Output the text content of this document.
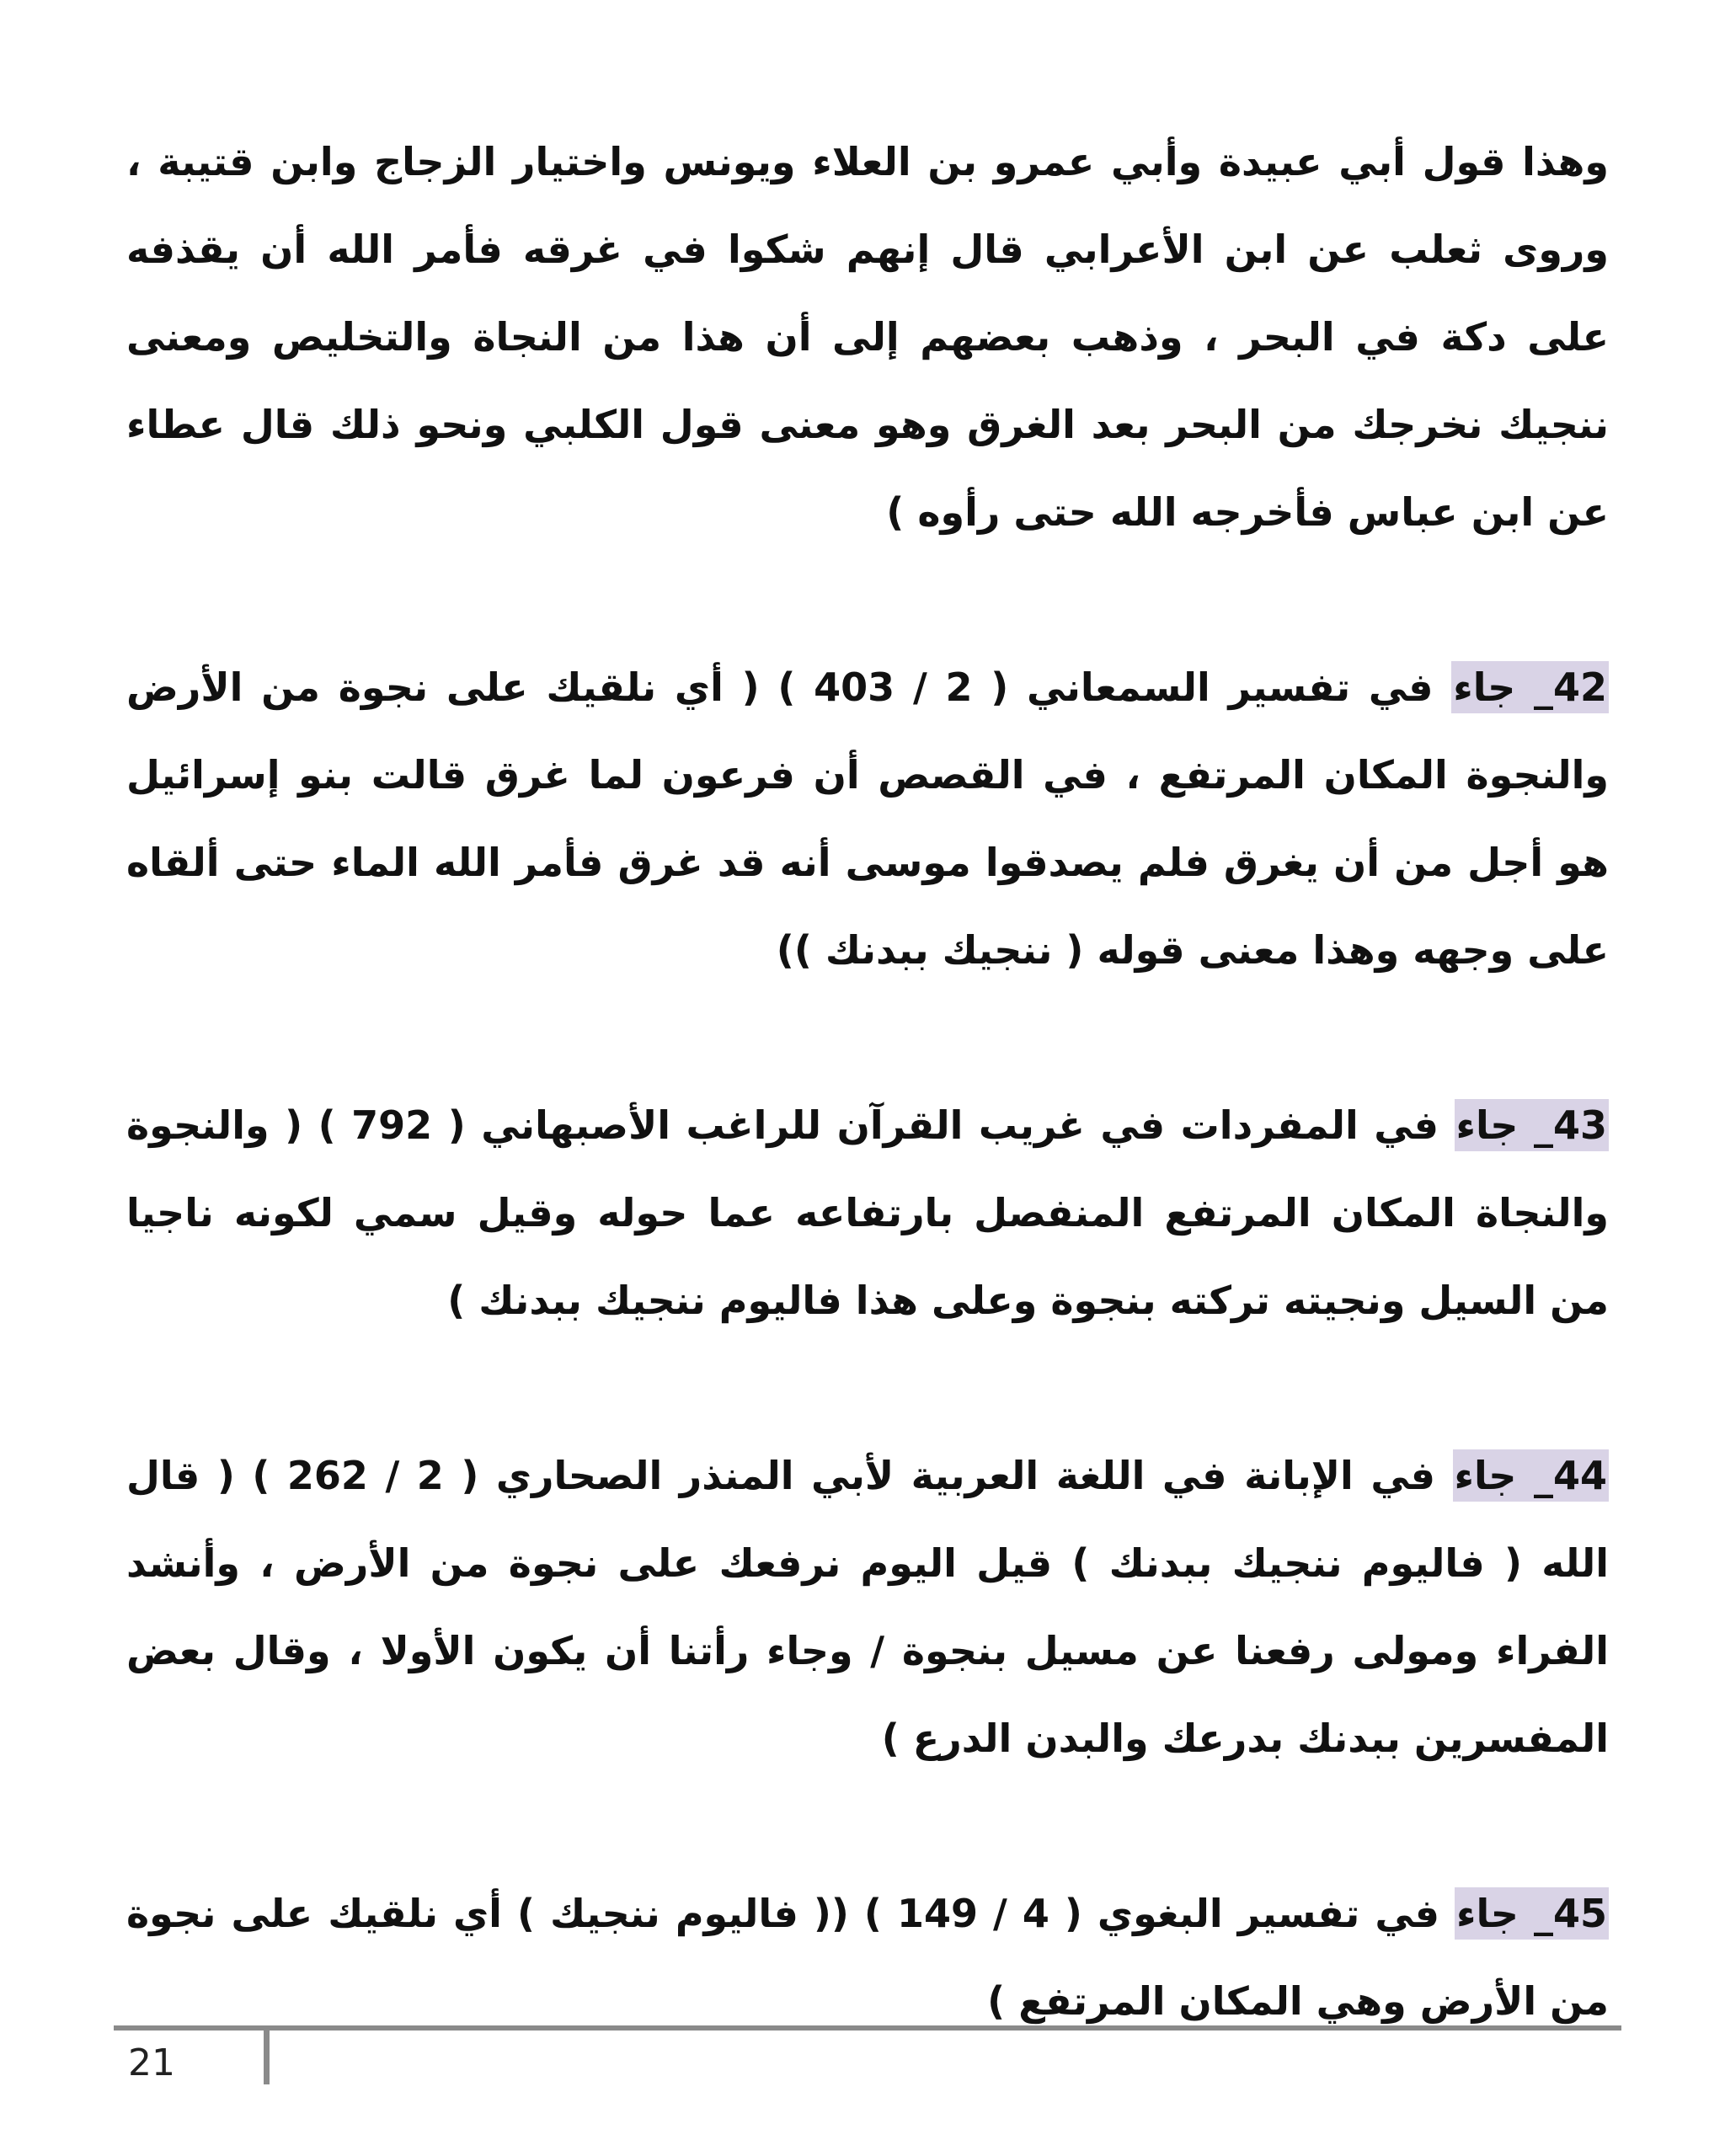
وهذا قول أبي عبيدة وأبي عمرو بن العلاء ويونس واختيار الزجاج وابن قتيبة ، وروى ثعلب عن ابن الأعرابي قال إنهم شكوا في غرقه فأمر الله أن يقذفه على دكة في البحر ، وذهب بعضهم إلى أن هذا من النجاة والتخليص ومعنى ننجيك نخرجك من البحر بعد الغرق وهو معنى قول الكلبي ونحو ذلك قال عطاء عن ابن عباس فأخرجه الله حتى رأوه )

42_ جاء في تفسير السمعاني ( 2 / 403 ) ( أي نلقيك على نجوة من الأرض والنجوة المكان المرتفع ، في القصص أن فرعون لما غرق قالت بنو إسرائيل هو أجل من أن يغرق فلم يصدقوا موسى أنه قد غرق فأمر الله الماء حتى ألقاه على وجهه وهذا معنى قوله ( ننجيك ببدنك ))

43_ جاء في المفردات في غريب القرآن للراغب الأصبهاني ( 792 ) ( والنجوة والنجاة المكان المرتفع المنفصل بارتفاعه عما حوله وقيل سمي لكونه ناجيا من السيل ونجيته تركته بنجوة وعلى هذا فاليوم ننجيك ببدنك )

44_ جاء في الإبانة في اللغة العربية لأبي المنذر الصحاري ( 2 / 262 ) ( قال الله ( فاليوم ننجيك ببدنك ) قيل اليوم نرفعك على نجوة من الأرض ، وأنشد الفراء ومولى رفعنا عن مسيل بنجوة / وجاء رأتنا أن يكون الأولا ، وقال بعض المفسرين ببدنك بدرعك والبدن الدرع )

45_ جاء في تفسير البغوي ( 4 / 149 ) (( فاليوم ننجيك ) أي نلقيك على نجوة من الأرض وهي المكان المرتفع )

21
